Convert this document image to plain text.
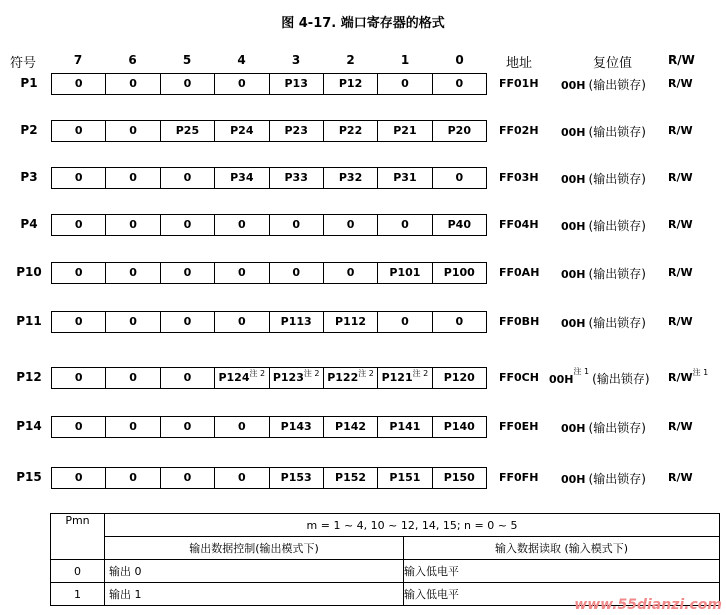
图 4-17. 端口寄存器的格式
符号	7	6	5	4	3	2	1	0	地址	复位值	R/W
P1	0	0	0	0	P13	P12	0	0	FF01H	00H (输出锁存) R/W
P2	0	0	P25	P24	P23	P22	P21	P20	FF02H	00H (输出锁存) R/W
P3	0	0	0	P34	P33	P32	P31	0	FF03H	00H (输出锁存) R/W
P4	0	0	0	0	0	0	0	P40	FF04H	00H (输出锁存) R/W
P10	0	0	0	0	0	0	P101	P100	FF0AH	00H (输出锁存) R/W
P11	0	0	0	0	P113	P112	0	0	FF0BH	00H (输出锁存) R/W
P12	0	0	0	$P124^{注 2}$ $P123^{注 2}$ $P122^{注 2}$ $P121^{注 2}$	P120	FF0CH $00H^{注 1}$(输出锁存) $R/W^{注 1}$
P14	0	0	0	0	P143	P142	P141	P140	FF0EH	00H (输出锁存) R/W
P15	0	0	0	0	P153	P152	P151	P150	FF0FH	00H (输出锁存) R/W
Pmn	m = 1 ~ 4, 10 ~ 12, 14, 15; n = 0 ~ 5	
	输出数据控制(输出模式下)	输入数据读取 (输入模式下)
0	输出 0	输入低电平
1	输出 1	输入低电平
www.55dianzi.com
